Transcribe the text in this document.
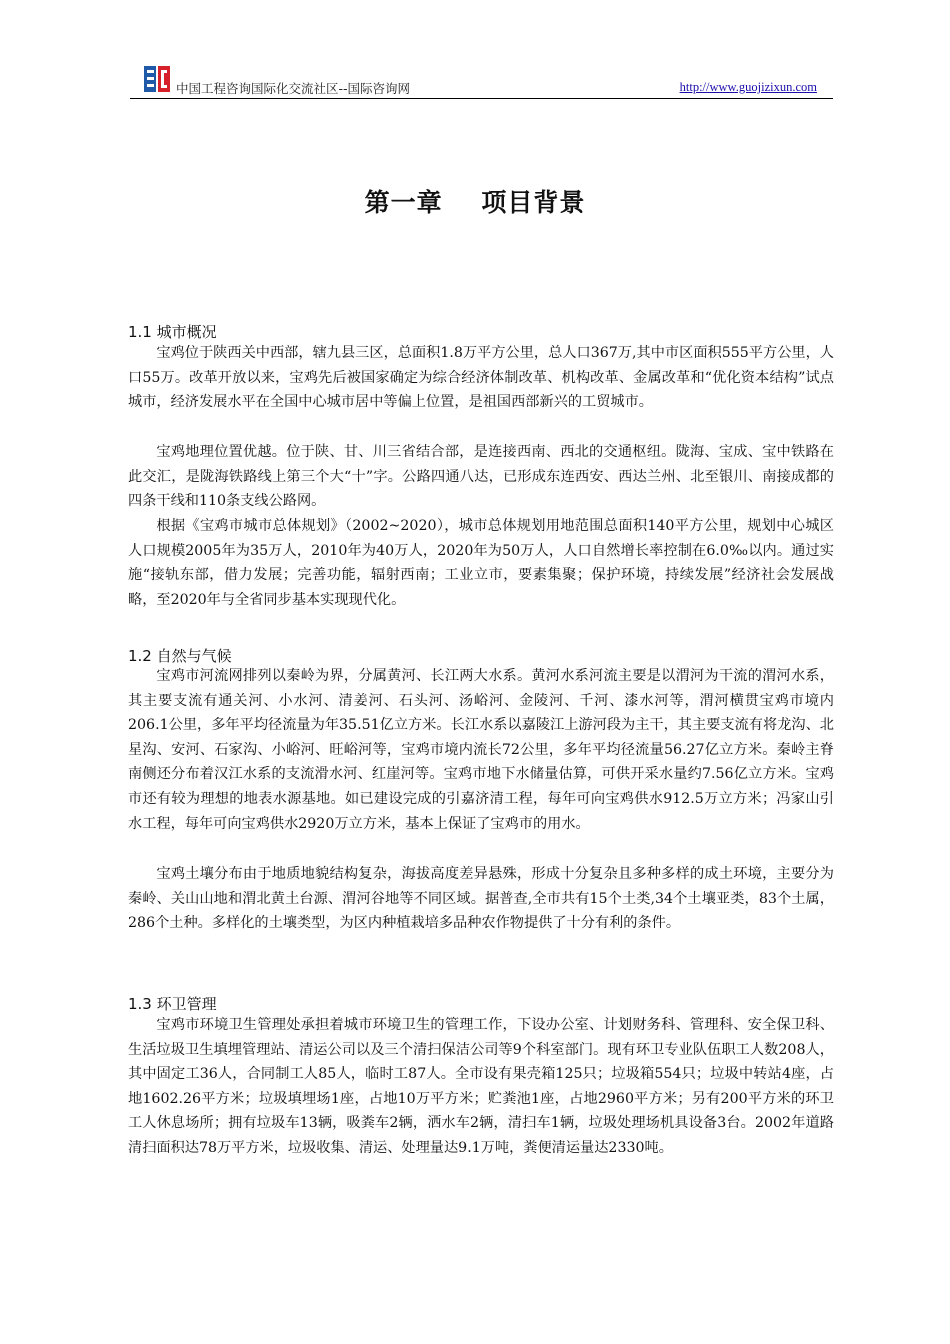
中国工程咨询国际化交流社区--国际咨询网	http://www.guojizixun.com
第一章    项目背景
1.1 城市概况

宝鸡位于陕西关中西部，辖九县三区，总面积1.8万平方公里，总人口367万,其中市区面积555平方公里，人口55万。改革开放以来，宝鸡先后被国家确定为综合经济体制改革、机构改革、金属改革和“优化资本结构”试点城市，经济发展水平在全国中心城市居中等偏上位置，是祖国西部新兴的工贸城市。

宝鸡地理位置优越。位于陕、甘、川三省结合部，是连接西南、西北的交通枢纽。陇海、宝成、宝中铁路在此交汇，是陇海铁路线上第三个大“十”字。公路四通八达，已形成东连西安、西达兰州、北至银川、南接成都的四条干线和110条支线公路网。

根据《宝鸡市城市总体规划》（2002~2020），城市总体规划用地范围总面积140平方公里，规划中心城区人口规模2005年为35万人，2010年为40万人，2020年为50万人，人口自然增长率控制在6.0‰以内。通过实施“接轨东部，借力发展；完善功能，辐射西南；工业立市，要素集聚；保护环境，持续发展”经济社会发展战略，至2020年与全省同步基本实现现代化。

1.2 自然与气候

宝鸡市河流网排列以秦岭为界，分属黄河、长江两大水系。黄河水系河流主要是以渭河为干流的渭河水系，其主要支流有通关河、小水河、清姜河、石头河、汤峪河、金陵河、千河、漆水河等，渭河横贯宝鸡市境内206.1公里，多年平均径流量为年35.51亿立方米。长江水系以嘉陵江上游河段为主干，其主要支流有将龙沟、北星沟、安河、石家沟、小峪河、旺峪河等，宝鸡市境内流长72公里，多年平均径流量56.27亿立方米。秦岭主脊南侧还分布着汉江水系的支流滑水河、红崖河等。宝鸡市地下水储量估算，可供开采水量约7.56亿立方米。宝鸡市还有较为理想的地表水源基地。如已建设完成的引嘉济清工程，每年可向宝鸡供水912.5万立方米；冯家山引水工程，每年可向宝鸡供水2920万立方米，基本上保证了宝鸡市的用水。

宝鸡土壤分布由于地质地貌结构复杂，海拔高度差异悬殊，形成十分复杂且多种多样的成土环境，主要分为秦岭、关山山地和渭北黄土台源、渭河谷地等不同区域。据普查,全市共有15个土类,34个土壤亚类，83个土属，286个土种。多样化的土壤类型，为区内种植栽培多品种农作物提供了十分有利的条件。

1.3 环卫管理

宝鸡市环境卫生管理处承担着城市环境卫生的管理工作，下设办公室、计划财务科、管理科、安全保卫科、生活垃圾卫生填埋管理站、清运公司以及三个清扫保洁公司等9个科室部门。现有环卫专业队伍职工人数208人，其中固定工36人，合同制工人85人，临时工87人。全市设有果壳箱125只；垃圾箱554只；垃圾中转站4座，占地1602.26平方米；垃圾填埋场1座，占地10万平方米；贮粪池1座，占地2960平方米；另有200平方米的环卫工人休息场所；拥有垃圾车13辆，吸粪车2辆，洒水车2辆，清扫车1辆，垃圾处理场机具设备3台。2002年道路清扫面积达78万平方米，垃圾收集、清运、处理量达9.1万吨，粪便清运量达2330吨。
